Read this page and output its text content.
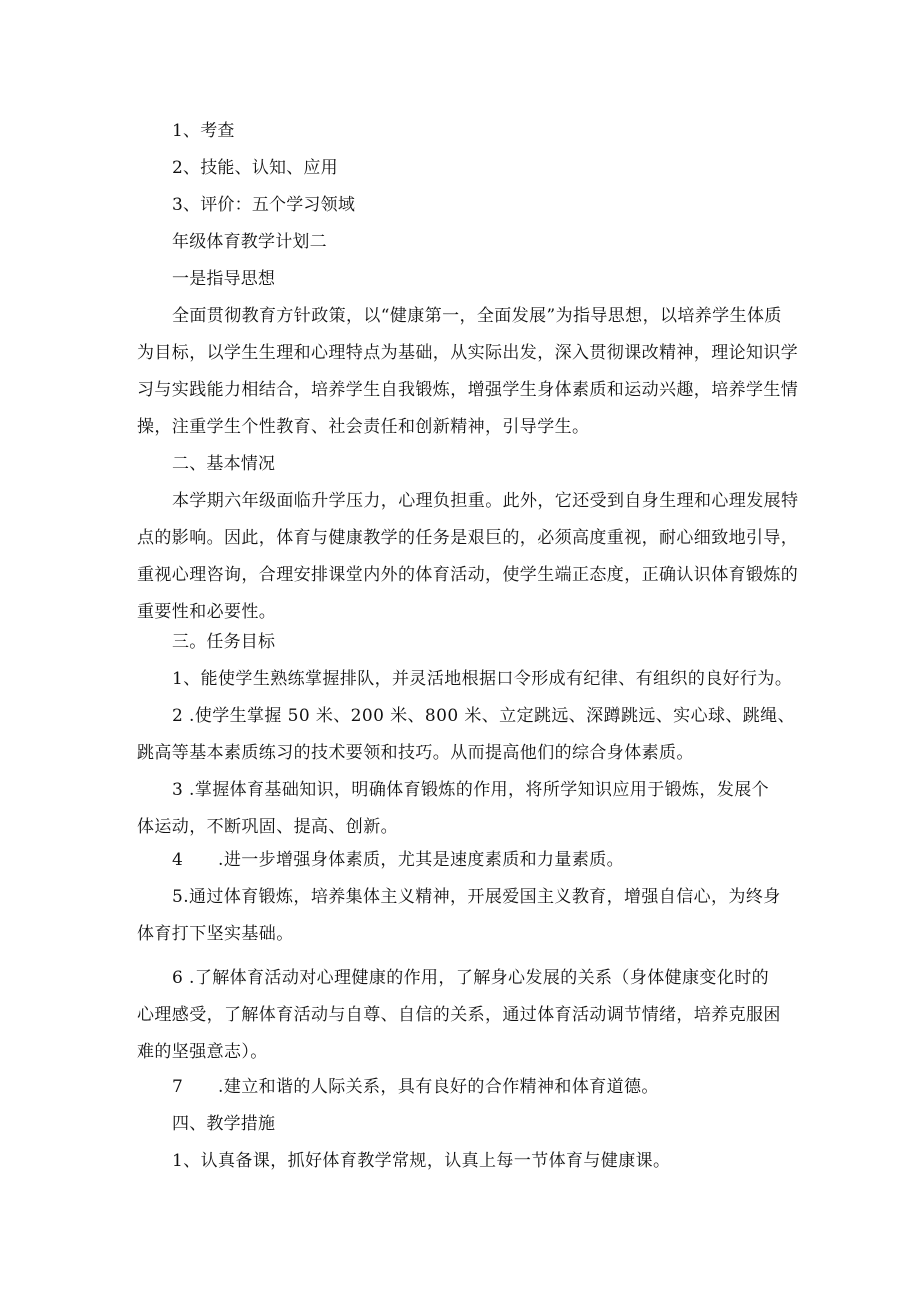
1、考查
2、技能、认知、应用
3、评价：五个学习领域
年级体育教学计划二
一是指导思想
全面贯彻教育方针政策，以“健康第一，全面发展”为指导思想，以培养学生体质
为目标，以学生生理和心理特点为基础，从实际出发，深入贯彻课改精神，理论知识学
习与实践能力相结合，培养学生自我锻炼，增强学生身体素质和运动兴趣，培养学生情
操，注重学生个性教育、社会责任和创新精神，引导学生。
二、基本情况
本学期六年级面临升学压力，心理负担重。此外，它还受到自身生理和心理发展特
点的影响。因此，体育与健康教学的任务是艰巨的，必须高度重视，耐心细致地引导，
重视心理咨询，合理安排课堂内外的体育活动，使学生端正态度，正确认识体育锻炼的
重要性和必要性。
三。任务目标
1、能使学生熟练掌握排队，并灵活地根据口令形成有纪律、有组织的良好行为。
2 .使学生掌握 50 米、200 米、800 米、立定跳远、深蹲跳远、实心球、跳绳、
跳高等基本素质练习的技术要领和技巧。从而提高他们的综合身体素质。
3 .掌握体育基础知识，明确体育锻炼的作用，将所学知识应用于锻炼，发展个
体运动，不断巩固、提高、创新。
4　　.进一步增强身体素质，尤其是速度素质和力量素质。
5.通过体育锻炼，培养集体主义精神，开展爱国主义教育，增强自信心，为终身
体育打下坚实基础。
6 .了解体育活动对心理健康的作用，了解身心发展的关系（身体健康变化时的
心理感受，了解体育活动与自尊、自信的关系，通过体育活动调节情绪，培养克服困
难的坚强意志）。
7　　.建立和谐的人际关系，具有良好的合作精神和体育道德。
四、教学措施
1、认真备课，抓好体育教学常规，认真上每一节体育与健康课。
